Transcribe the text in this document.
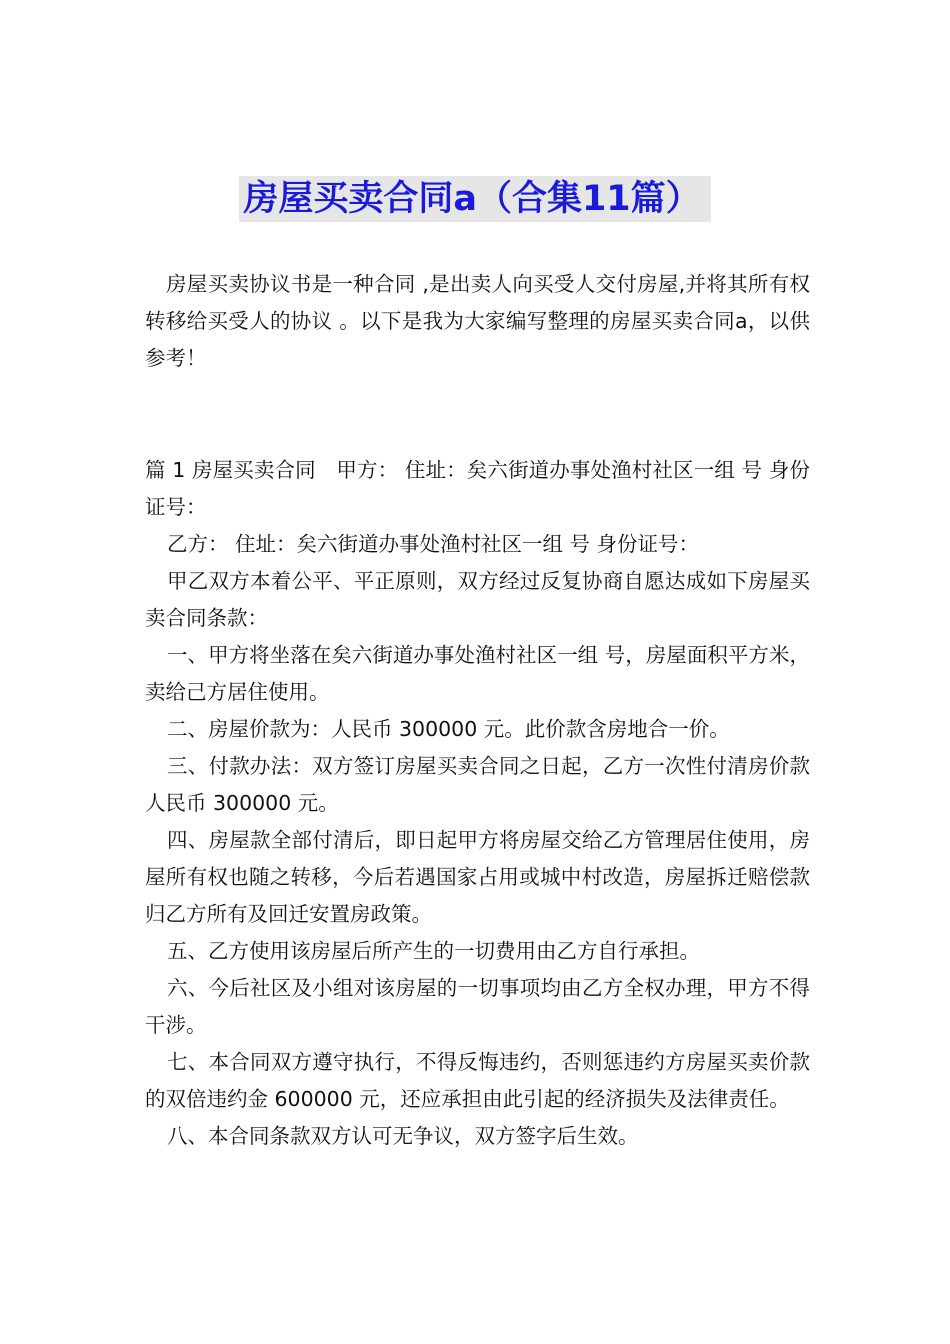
房屋买卖合同a（合集11篇）

房屋买卖协议书是一种合同 ,是出卖人向买受人交付房屋,并将其所有权转移给买受人的协议 。以下是我为大家编写整理的房屋买卖合同a，以供参考！

篇 1 房屋买卖合同　甲方： 住址：矣六街道办事处渔村社区一组 号 身份证号：

乙方： 住址：矣六街道办事处渔村社区一组 号 身份证号：

甲乙双方本着公平、平正原则，双方经过反复协商自愿达成如下房屋买卖合同条款：

一、甲方将坐落在矣六街道办事处渔村社区一组 号，房屋面积平方米，卖给己方居住使用。

二、房屋价款为：人民币 300000 元。此价款含房地合一价。

三、付款办法：双方签订房屋买卖合同之日起，乙方一次性付清房价款人民币 300000 元。

四、房屋款全部付清后，即日起甲方将房屋交给乙方管理居住使用，房屋所有权也随之转移，今后若遇国家占用或城中村改造，房屋拆迁赔偿款归乙方所有及回迁安置房政策。

五、乙方使用该房屋后所产生的一切费用由乙方自行承担。

六、今后社区及小组对该房屋的一切事项均由乙方全权办理，甲方不得干涉。

七、本合同双方遵守执行，不得反悔违约，否则惩违约方房屋买卖价款的双倍违约金 600000 元，还应承担由此引起的经济损失及法律责任。

八、本合同条款双方认可无争议，双方签字后生效。
